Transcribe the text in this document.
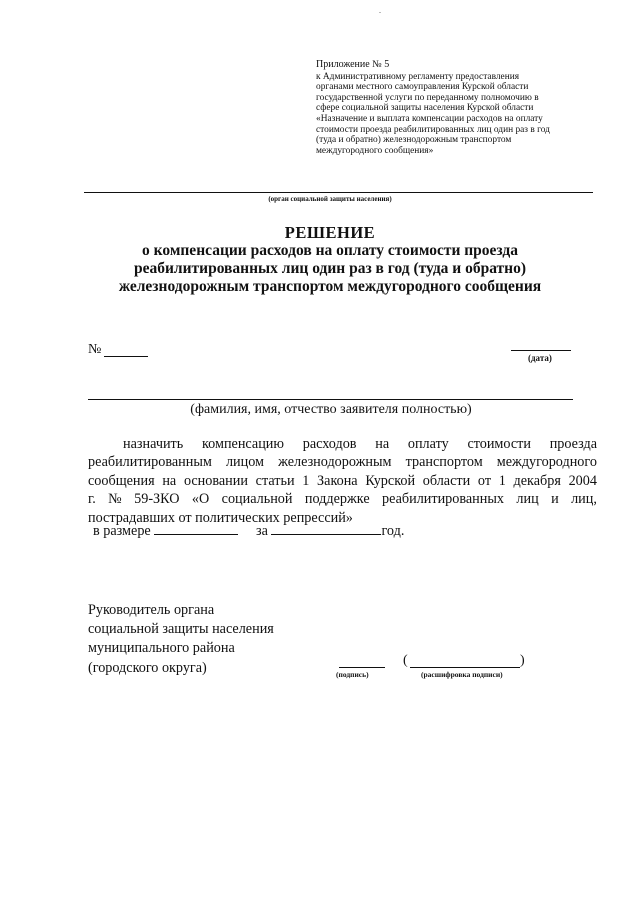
Приложение № 5
к Административному регламенту предоставления
органами местного самоуправления Курской области
государственной услуги по переданному полномочию в
сфере социальной защиты населения Курской области
«Назначение и выплата компенсации расходов на оплату
стоимости проезда реабилитированных лиц один раз в год
(туда и обратно) железнодорожным транспортом
междугородного сообщения»
(орган социальной защиты населения)
РЕШЕНИЕ
о компенсации расходов на оплату стоимости проезда
реабилитированных лиц один раз в год (туда и обратно)
железнодорожным транспортом междугородного сообщения
№
(дата)
(фамилия, имя, отчество заявителя полностью)
назначить компенсацию расходов на оплату стоимости проезда
реабилитированным лицом железнодорожным транспортом междугородного
сообщения на основании статьи 1 Закона Курской области от 1 декабря 2004
г. № 59-ЗКО «О социальной поддержке реабилитированных лиц и лиц,
пострадавших от политических репрессий»
в размере	за	год.
Руководитель органа
социальной защиты населения
муниципального района
(городского округа)	(подпись)
(	)
(расшифровка подписи)
